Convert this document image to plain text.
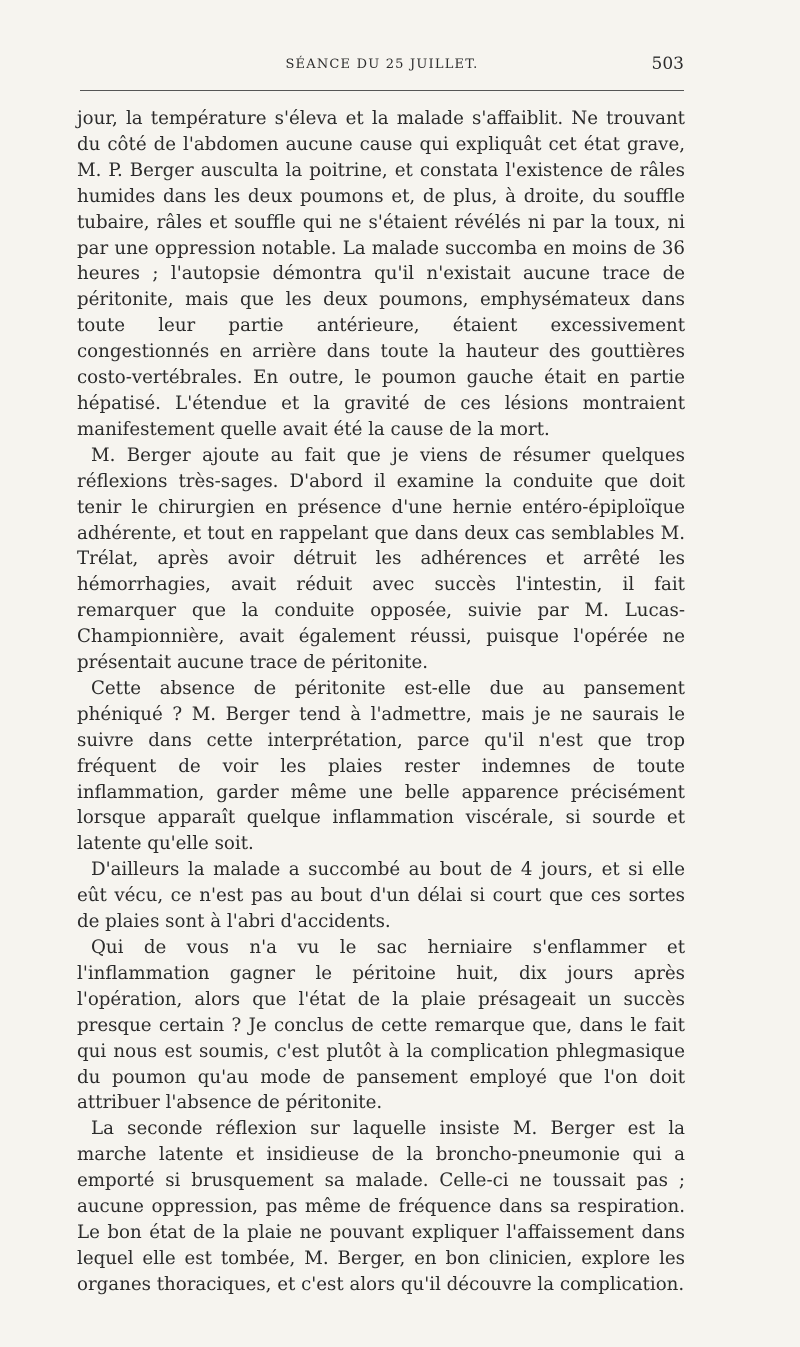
SÉANCE DU 25 JUILLET.	503

jour, la température s'éleva et la malade s'affaiblit. Ne trouvant du côté de l'abdomen aucune cause qui expliquât cet état grave, M. P. Berger ausculta la poitrine, et constata l'existence de râles humides dans les deux poumons et, de plus, à droite, du souffle tubaire, râles et souffle qui ne s'étaient révélés ni par la toux, ni par une oppression notable. La malade succomba en moins de 36 heures ; l'autopsie démontra qu'il n'existait aucune trace de péritonite, mais que les deux poumons, emphysémateux dans toute leur partie antérieure, étaient excessivement congestionnés en arrière dans toute la hauteur des gouttières costo-vertébrales. En outre, le poumon gauche était en partie hépatisé. L'étendue et la gravité de ces lésions montraient manifestement quelle avait été la cause de la mort.

M. Berger ajoute au fait que je viens de résumer quelques réflexions très-sages. D'abord il examine la conduite que doit tenir le chirurgien en présence d'une hernie entéro-épiploïque adhérente, et tout en rappelant que dans deux cas semblables M. Trélat, après avoir détruit les adhérences et arrêté les hémorrhagies, avait réduit avec succès l'intestin, il fait remarquer que la conduite opposée, suivie par M. Lucas-Championnière, avait également réussi, puisque l'opérée ne présentait aucune trace de péritonite.

Cette absence de péritonite est-elle due au pansement phéniqué ? M. Berger tend à l'admettre, mais je ne saurais le suivre dans cette interprétation, parce qu'il n'est que trop fréquent de voir les plaies rester indemnes de toute inflammation, garder même une belle apparence précisément lorsque apparaît quelque inflammation viscérale, si sourde et latente qu'elle soit.

D'ailleurs la malade a succombé au bout de 4 jours, et si elle eût vécu, ce n'est pas au bout d'un délai si court que ces sortes de plaies sont à l'abri d'accidents.

Qui de vous n'a vu le sac herniaire s'enflammer et l'inflammation gagner le péritoine huit, dix jours après l'opération, alors que l'état de la plaie présageait un succès presque certain ? Je conclus de cette remarque que, dans le fait qui nous est soumis, c'est plutôt à la complication phlegmasique du poumon qu'au mode de pansement employé que l'on doit attribuer l'absence de péritonite.

La seconde réflexion sur laquelle insiste M. Berger est la marche latente et insidieuse de la broncho-pneumonie qui a emporté si brusquement sa malade. Celle-ci ne toussait pas ; aucune oppression, pas même de fréquence dans sa respiration. Le bon état de la plaie ne pouvant expliquer l'affaissement dans lequel elle est tombée, M. Berger, en bon clinicien, explore les organes thoraciques, et c'est alors qu'il découvre la complication.
